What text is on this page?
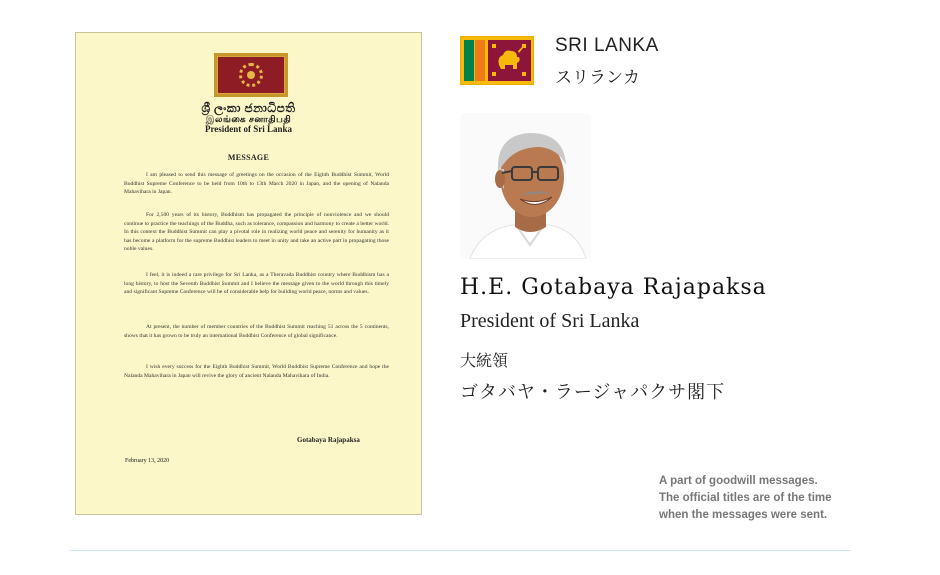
ශ්‍රී ලංකා ජනාධිපති
இலங்கை சனாதிபதி
President of Sri Lanka
MESSAGE

I am pleased to send this message of greetings on the occasion of the Eighth Buddhist Summit, World Buddhist Supreme Conference to be held from 10th to 13th March 2020 in Japan, and the opening of Nalanda Mahavihara in Japan.

For 2,500 years of its history, Buddhism has propagated the principle of nonviolence and we should continue to practice the teachings of the Buddha, such as tolerance, compassion and harmony to create a better world. In this context the Buddhist Summit can play a pivotal role in realizing world peace and serenity for humanity as it has become a platform for the supreme Buddhist leaders to meet in unity and take an active part in propagating those noble values.

I feel, it is indeed a rare privilege for Sri Lanka, as a Theravada Buddhist country where Buddhism has a long history, to host the Seventh Buddhist Summit and I believe the message given to the world through this timely and significant Supreme Conference will be of considerable help for building world peace, norms and values.

At present, the number of member countries of the Buddhist Summit reaching 51 across the 5 continents, shows that it has grown to be truly an international Buddhist Conference of global significance.

I wish every success for the Eighth Buddhist Summit, World Buddhist Supreme Conference and hope the Nalanda Mahavihara in Japan will revive the glory of ancient Nalanda Mahavihara of India.

Gotabaya Rajapaksa
February 13, 2020
SRI LANKA
スリランカ
H.E. Gotabaya Rajapaksa
President of Sri Lanka
大統領
ゴタバヤ・ラージャパクサ閣下
A part of goodwill messages.
The official titles are of the time
when the messages were sent.
